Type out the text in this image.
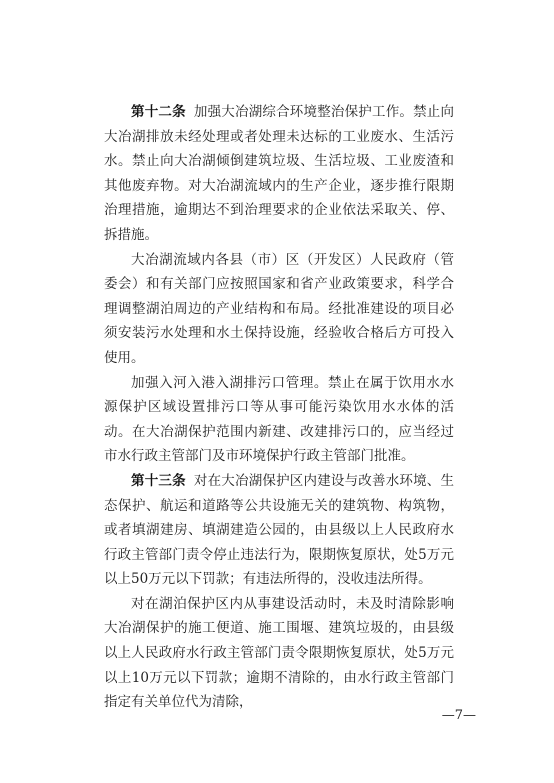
第十二条 加强大冶湖综合环境整治保护工作。禁止向大冶湖排放未经处理或者处理未达标的工业废水、生活污水。禁止向大冶湖倾倒建筑垃圾、生活垃圾、工业废渣和其他废弃物。对大冶湖流域内的生产企业，逐步推行限期治理措施，逾期达不到治理要求的企业依法采取关、停、拆措施。

大冶湖流域内各县（市）区（开发区）人民政府（管委会）和有关部门应按照国家和省产业政策要求，科学合理调整湖泊周边的产业结构和布局。经批准建设的项目必须安装污水处理和水土保持设施，经验收合格后方可投入使用。

加强入河入港入湖排污口管理。禁止在属于饮用水水源保护区域设置排污口等从事可能污染饮用水水体的活动。在大冶湖保护范围内新建、改建排污口的，应当经过市水行政主管部门及市环境保护行政主管部门批准。

第十三条 对在大冶湖保护区内建设与改善水环境、生态保护、航运和道路等公共设施无关的建筑物、构筑物，或者填湖建房、填湖建造公园的，由县级以上人民政府水行政主管部门责令停止违法行为，限期恢复原状，处5万元以上50万元以下罚款；有违法所得的，没收违法所得。

对在湖泊保护区内从事建设活动时，未及时清除影响大冶湖保护的施工便道、施工围堰、建筑垃圾的，由县级以上人民政府水行政主管部门责令限期恢复原状，处5万元以上10万元以下罚款；逾期不清除的，由水行政主管部门指定有关单位代为清除，

—7—
